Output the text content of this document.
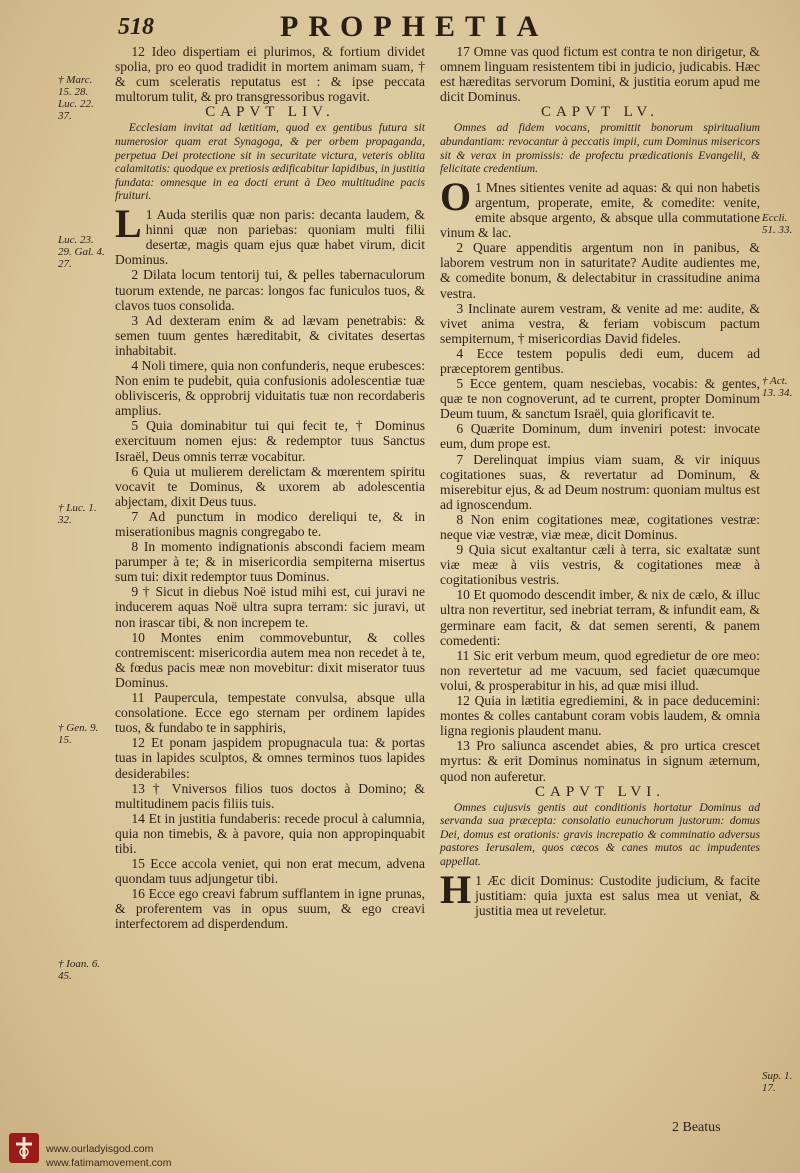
518	PROPHETIA

12 Ideo dispertiam ei plurimos, & fortium dividet spolia, pro eo quod tradidit in mortem animam suam, † & cum sceleratis reputatus est : & ipse peccata multorum tulit, & pro transgressoribus rogavit.

CAPVT LIV.

Ecclesiam invitat ad lætitiam, quod ex gentibus futura sit numerosior quam erat Synagoga, & per orbem propaganda, perpetua Dei protectione sit in securitate victura, veteris oblita calamitatis: quodque ex pretiosis ædificabitur lapidibus, in justitia fundata: omnesque in ea docti erunt à Deo multitudine pacis fruituri.

L 1 Auda sterilis quæ non paris: decanta laudem, & hinni quæ non pariebas: quoniam multi filii desertæ, magis quam ejus quæ habet virum, dicit Dominus.

2 Dilata locum tentorij tui, & pelles tabernaculorum tuorum extende, ne parcas: longos fac funiculos tuos, & clavos tuos consolida.

3 Ad dexteram enim & ad lævam penetrabis: & semen tuum gentes hæreditabit, & civitates desertas inhabitabit.

4 Noli timere, quia non confunderis, neque erubesces: Non enim te pudebit, quia confusionis adolescentiæ tuæ oblivisceris, & opprobrij viduitatis tuæ non recordaberis amplius.

5 Quia dominabitur tui qui fecit te, † Dominus exercituum nomen ejus: & redemptor tuus Sanctus Israël, Deus omnis terræ vocabitur.

6 Quia ut mulierem derelictam & mœrentem spiritu vocavit te Dominus, & uxorem ab adolescentia abjectam, dixit Deus tuus.

7 Ad punctum in modico dereliqui te, & in miserationibus magnis congregabo te.

8 In momento indignationis abscondi faciem meam parumper à te; & in misericordia sempiterna misertus sum tui: dixit redemptor tuus Dominus.

9 † Sicut in diebus Noë istud mihi est, cui juravi ne inducerem aquas Noë ultra supra terram: sic juravi, ut non irascar tibi, & non increpem te.

10 Montes enim commovebuntur, & colles contremiscent: misericordia autem mea non recedet à te, & fœdus pacis meæ non movebitur: dixit miserator tuus Dominus.

11 Paupercula, tempestate convulsa, absque ulla consolatione. Ecce ego sternam per ordinem lapides tuos, & fundabo te in sapphiris,

12 Et ponam jaspidem propugnacula tua: & portas tuas in lapides sculptos, & omnes terminos tuos lapides desiderabiles:

13 † Vniversos filios tuos doctos à Domino; & multitudinem pacis filiis tuis.

14 Et in justitia fundaberis: recede procul à calumnia, quia non timebis, & à pavore, quia non appropinquabit tibi.

15 Ecce accola veniet, qui non erat mecum, advena quondam tuus adjungetur tibi.

16 Ecce ego creavi fabrum sufflantem in igne prunas, & proferentem vas in opus suum, & ego creavi interfectorem ad disperdendum.

17 Omne vas quod fictum est contra te non dirigetur, & omnem linguam resistentem tibi in judicio, judicabis. Hæc est hæreditas servorum Domini, & justitia eorum apud me dicit Dominus.

CAPVT LV.

Omnes ad fidem vocans, promittit bonorum spiritualium abundantiam: revocantur à peccatis impii, cum Dominus misericors sit & verax in promissis: de profectu prædicationis Evangelii, & felicitate credentium.

O 1 Mnes sitientes venite ad aquas: & qui non habetis argentum, properate, emite, & comedite: venite, emite absque argento, & absque ulla commutatione vinum & lac.

2 Quare appenditis argentum non in panibus, & laborem vestrum non in saturitate? Audite audientes me, & comedite bonum, & delectabitur in crassitudine anima vestra.

3 Inclinate aurem vestram, & venite ad me: audite, & vivet anima vestra, & feriam vobiscum pactum sempiternum, † misericordias David fideles.

4 Ecce testem populis dedi eum, ducem ad præceptorem gentibus.

5 Ecce gentem, quam nesciebas, vocabis: & gentes, quæ te non cognoverunt, ad te current, propter Dominum Deum tuum, & sanctum Israël, quia glorificavit te.

6 Quærite Dominum, dum inveniri potest: invocate eum, dum prope est.

7 Derelinquat impius viam suam, & vir iniquus cogitationes suas, & revertatur ad Dominum, & miserebitur ejus, & ad Deum nostrum: quoniam multus est ad ignoscendum.

8 Non enim cogitationes meæ, cogitationes vestræ: neque viæ vestræ, viæ meæ, dicit Dominus.

9 Quia sicut exaltantur cæli à terra, sic exaltatæ sunt viæ meæ à viis vestris, & cogitationes meæ à cogitationibus vestris.

10 Et quomodo descendit imber, & nix de cælo, & illuc ultra non revertitur, sed inebriat terram, & infundit eam, & germinare eam facit, & dat semen serenti, & panem comedenti:

11 Sic erit verbum meum, quod egredietur de ore meo: non revertetur ad me vacuum, sed faciet quæcumque volui, & prosperabitur in his, ad quæ misi illud.

12 Quia in lætitia egrediemini, & in pace deducemini: montes & colles cantabunt coram vobis laudem, & omnia ligna regionis plaudent manu.

13 Pro saliunca ascendet abies, & pro urtica crescet myrtus: & erit Dominus nominatus in signum æternum, quod non auferetur.

CAPVT LVI.

Omnes cujusvis gentis aut conditionis hortatur Dominus ad servanda sua præcepta: consolatio eunuchorum justorum: domus Dei, domus est orationis: gravis increpatio & comminatio adversus pastores Ierusalem, quos cæcos & canes mutos ac impudentes appellat.

H 1 Æc dicit Dominus: Custodite judicium, & facite justitiam: quia juxta est salus mea ut veniat, & justitia mea ut reveletur.

† Marc. 15. 28. Luc. 22. 37.
Luc. 23. 29. Gal. 4. 27.
† Luc. 1. 32.
† Gen. 9. 15.
† Ioan. 6. 45.
Eccli. 51. 33.
† Act. 13. 34.
Sup. 1. 17.
2 Beatus
www.ourladyisgod.com
www.fatimamovement.com
